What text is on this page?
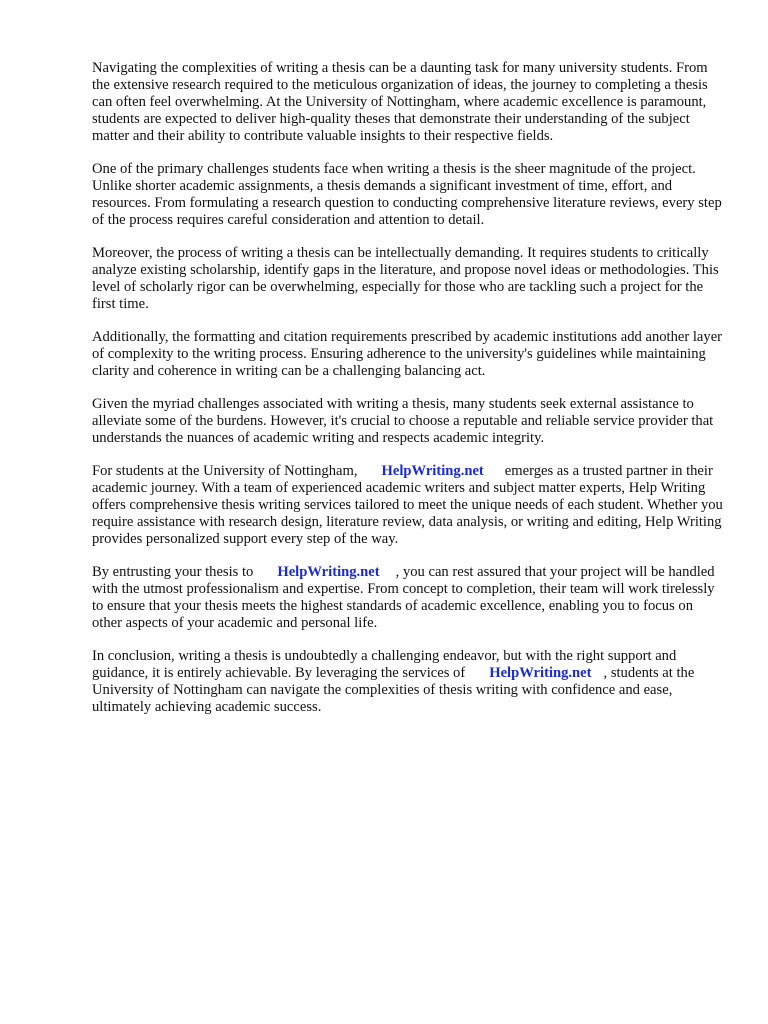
Navigating the complexities of writing a thesis can be a daunting task for many university students. From the extensive research required to the meticulous organization of ideas, the journey to completing a thesis can often feel overwhelming. At the University of Nottingham, where academic excellence is paramount, students are expected to deliver high-quality theses that demonstrate their understanding of the subject matter and their ability to contribute valuable insights to their respective fields.

One of the primary challenges students face when writing a thesis is the sheer magnitude of the project. Unlike shorter academic assignments, a thesis demands a significant investment of time, effort, and resources. From formulating a research question to conducting comprehensive literature reviews, every step of the process requires careful consideration and attention to detail.

Moreover, the process of writing a thesis can be intellectually demanding. It requires students to critically analyze existing scholarship, identify gaps in the literature, and propose novel ideas or methodologies. This level of scholarly rigor can be overwhelming, especially for those who are tackling such a project for the first time.

Additionally, the formatting and citation requirements prescribed by academic institutions add another layer of complexity to the writing process. Ensuring adherence to the university's guidelines while maintaining clarity and coherence in writing can be a challenging balancing act.

Given the myriad challenges associated with writing a thesis, many students seek external assistance to alleviate some of the burdens. However, it's crucial to choose a reputable and reliable service provider that understands the nuances of academic writing and respects academic integrity.

For students at the University of Nottingham, HelpWriting.net emerges as a trusted partner in their academic journey. With a team of experienced academic writers and subject matter experts, Help Writing offers comprehensive thesis writing services tailored to meet the unique needs of each student. Whether you require assistance with research design, literature review, data analysis, or writing and editing, Help Writing provides personalized support every step of the way.

By entrusting your thesis to HelpWriting.net , you can rest assured that your project will be handled with the utmost professionalism and expertise. From concept to completion, their team will work tirelessly to ensure that your thesis meets the highest standards of academic excellence, enabling you to focus on other aspects of your academic and personal life.

In conclusion, writing a thesis is undoubtedly a challenging endeavor, but with the right support and guidance, it is entirely achievable. By leveraging the services of HelpWriting.net , students at the University of Nottingham can navigate the complexities of thesis writing with confidence and ease, ultimately achieving academic success.
